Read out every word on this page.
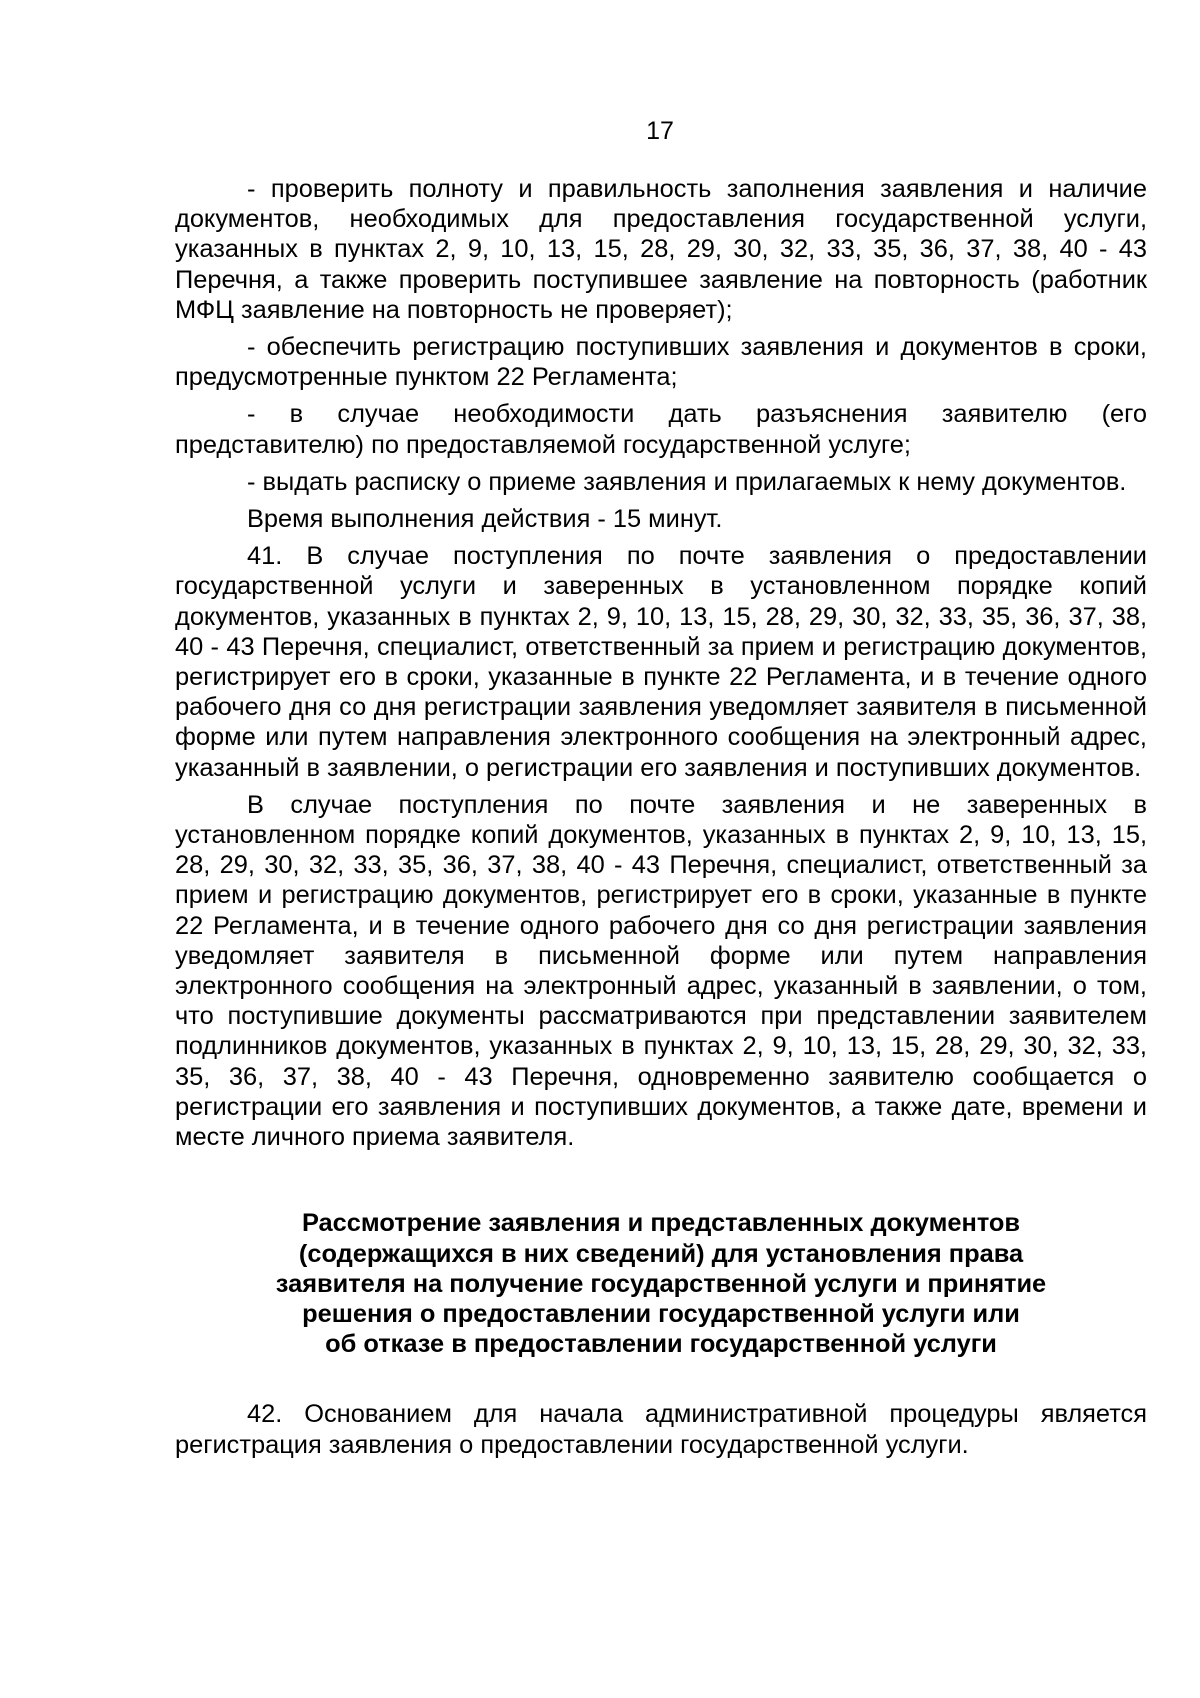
17

- проверить полноту и правильность заполнения заявления и наличие документов, необходимых для предоставления государственной услуги, указанных в пунктах 2, 9, 10, 13, 15, 28, 29, 30, 32, 33, 35, 36, 37, 38, 40 - 43 Перечня, а также проверить поступившее заявление на повторность (работник МФЦ заявление на повторность не проверяет);

- обеспечить регистрацию поступивших заявления и документов в сроки, предусмотренные пунктом 22 Регламента;

- в случае необходимости дать разъяснения заявителю (его представителю) по предоставляемой государственной услуге;

- выдать расписку о приеме заявления и прилагаемых к нему документов.

Время выполнения действия - 15 минут.

41. В случае поступления по почте заявления о предоставлении государственной услуги и заверенных в установленном порядке копий документов, указанных в пунктах 2, 9, 10, 13, 15, 28, 29, 30, 32, 33, 35, 36, 37, 38, 40 - 43 Перечня, специалист, ответственный за прием и регистрацию документов, регистрирует его в сроки, указанные в пункте 22 Регламента, и в течение одного рабочего дня со дня регистрации заявления уведомляет заявителя в письменной форме или путем направления электронного сообщения на электронный адрес, указанный в заявлении, о регистрации его заявления и поступивших документов.

В случае поступления по почте заявления и не заверенных в установленном порядке копий документов, указанных в пунктах 2, 9, 10, 13, 15, 28, 29, 30, 32, 33, 35, 36, 37, 38, 40 - 43 Перечня, специалист, ответственный за прием и регистрацию документов, регистрирует его в сроки, указанные в пункте 22 Регламента, и в течение одного рабочего дня со дня регистрации заявления уведомляет заявителя в письменной форме или путем направления электронного сообщения на электронный адрес, указанный в заявлении, о том, что поступившие документы рассматриваются при представлении заявителем подлинников документов, указанных в пунктах 2, 9, 10, 13, 15, 28, 29, 30, 32, 33, 35, 36, 37, 38, 40 - 43 Перечня, одновременно заявителю сообщается о регистрации его заявления и поступивших документов, а также дате, времени и месте личного приема заявителя.

Рассмотрение заявления и представленных документов
(содержащихся в них сведений) для установления права
заявителя на получение государственной услуги и принятие
решения о предоставлении государственной услуги или
об отказе в предоставлении государственной услуги

42. Основанием для начала административной процедуры является регистрация заявления о предоставлении государственной услуги.
